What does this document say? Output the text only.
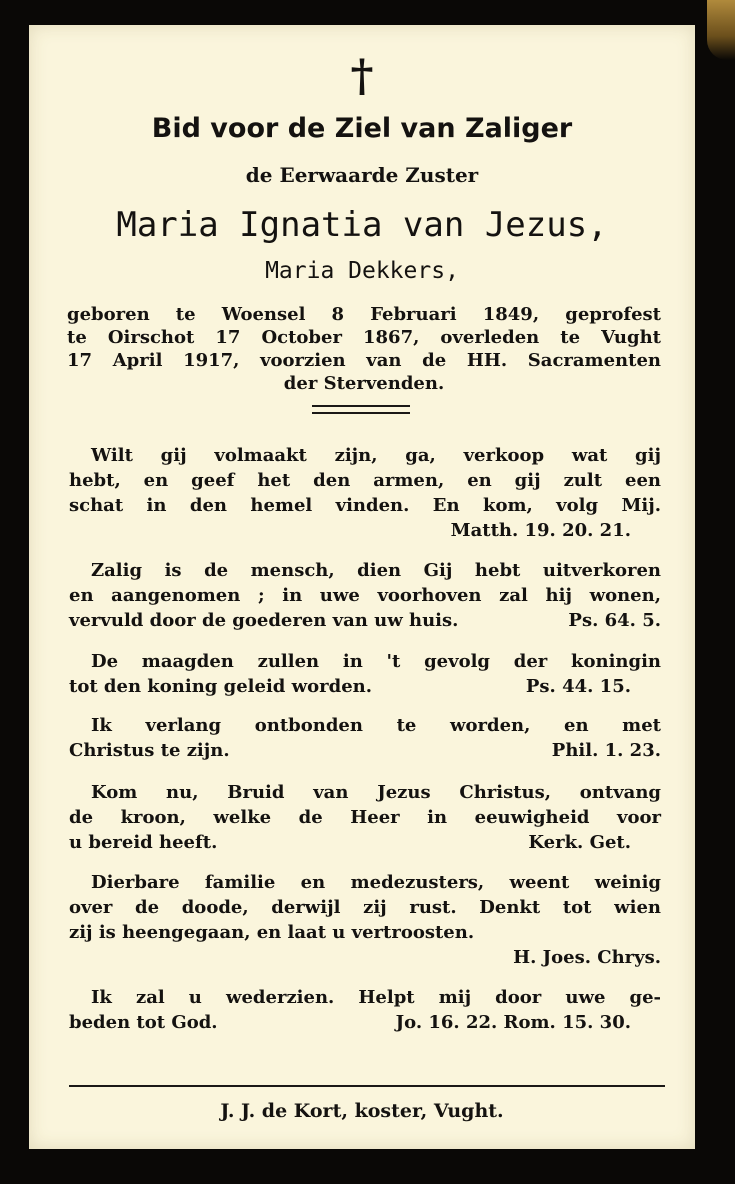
†
Bid voor de Ziel van Zaliger
de Eerwaarde Zuster
Maria Ignatia van Jezus,
Maria Dekkers,
geboren te Woensel 8 Februari 1849, geprofest
te Oirschot 17 October 1867, overleden te Vught
17 April 1917, voorzien van de HH. Sacramenten
der Stervenden.
Wilt gij volmaakt zijn, ga, verkoop wat gij
hebt, en geef het den armen, en gij zult een
schat in den hemel vinden. En kom, volg Mij.
Matth. 19. 20. 21.
Zalig is de mensch, dien Gij hebt uitverkoren
en aangenomen ; in uwe voorhoven zal hij wonen,
vervuld door de goederen van uw huis.	Ps. 64. 5.
De maagden zullen in 't gevolg der koningin
tot den koning geleid worden.	Ps. 44. 15.
Ik verlang ontbonden te worden, en met
Christus te zijn.	Phil. 1. 23.
Kom nu, Bruid van Jezus Christus, ontvang
de kroon, welke de Heer in eeuwigheid voor
u bereid heeft.	Kerk. Get.
Dierbare familie en medezusters, weent weinig
over de doode, derwijl zij rust. Denkt tot wien
zij is heengegaan, en laat u vertroosten.
H. Joes. Chrys.
Ik zal u wederzien. Helpt mij door uwe ge-
beden tot God.	Jo. 16. 22. Rom. 15. 30.
J. J. de Kort, koster, Vught.
